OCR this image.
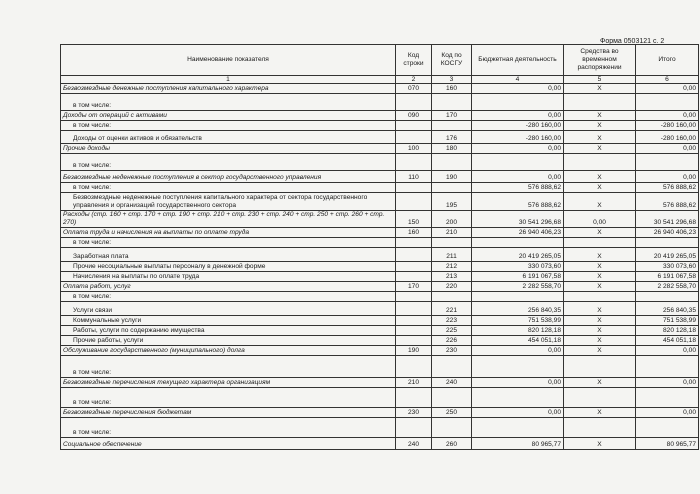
Форма 0503121 с. 2
Наименование показателя	Код строки	Код по КОСГУ	Бюджетная деятельность	Средства во временном распоряжении	Итого
1	2	3	4	5	6
Безвозмездные денежные поступления капитального характера	070	160	0,00	X	0,00
в том числе:					
Доходы от операций с активами	090	170	0,00	X	0,00
в том числе:			-280 160,00	X	-280 160,00
Доходы от оценки активов и обязательств		176	-280 160,00	X	-280 160,00
Прочие доходы	100	180	0,00	X	0,00
в том числе:					
Безвозмездные неденежные поступления в сектор государственного управления	110	190	0,00	X	0,00
в том числе:			576 888,62	X	576 888,62
Безвозмездные неденежные поступления капитального характера от сектора государственного управления и организаций государственного сектора		195	576 888,62	X	576 888,62
Расходы (стр. 160 + стр. 170 + стр. 190 + стр. 210 + стр. 230 + стр. 240 + стр. 250 + стр. 260 + стр. 270)	150	200	30 541 296,68	0,00	30 541 296,68
Оплата труда и начисления на выплаты по оплате труда	160	210	26 940 406,23	X	26 940 406,23
в том числе:					
Заработная плата		211	20 419 265,05	X	20 419 265,05
Прочие несоциальные выплаты персоналу в денежной форме		212	330 073,60	X	330 073,60
Начисления на выплаты по оплате труда		213	6 191 067,58	X	6 191 067,58
Оплата работ, услуг	170	220	2 282 558,70	X	2 282 558,70
в том числе:					
Услуги связи		221	256 840,35	X	256 840,35
Коммунальные услуги		223	751 538,99	X	751 538,99
Работы, услуги по содержанию имущества		225	820 128,18	X	820 128,18
Прочие работы, услуги		226	454 051,18	X	454 051,18
Обслуживание государственного (муниципального) долга	190	230	0,00	X	0,00
в том числе:					
Безвозмездные перечисления текущего характера организациям	210	240	0,00	X	0,00
в том числе:					
Безвозмездные перечисления бюджетам	230	250	0,00	X	0,00
в том числе:					
Социальное обеспечение	240	260	80 965,77	X	80 965,77
